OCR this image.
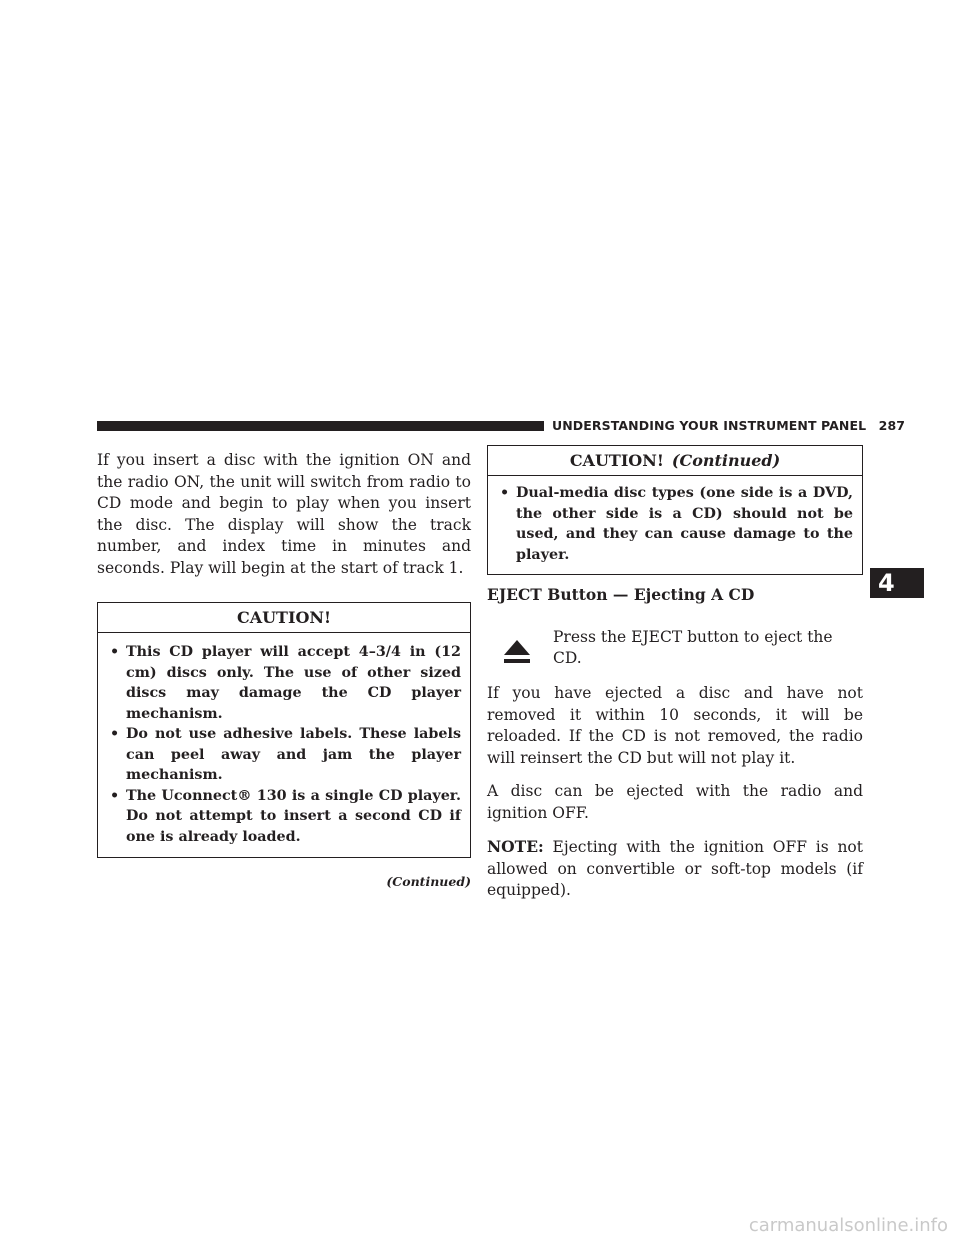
UNDERSTANDING YOUR INSTRUMENT PANEL 287

If you insert a disc with the ignition ON and the radio ON, the unit will switch from radio to CD mode and begin to play when you insert the disc. The display will show the track number, and index time in minutes and seconds. Play will begin at the start of track 1.

CAUTION!
• This CD player will accept 4–3/4 in (12 cm) discs only. The use of other sized discs may damage the CD player mechanism.
• Do not use adhesive labels. These labels can peel away and jam the player mechanism.
• The Uconnect® 130 is a single CD player. Do not attempt to insert a second CD if one is already loaded.
(Continued)
CAUTION! (Continued)
• Dual-media disc types (one side is a DVD, the other side is a CD) should not be used, and they can cause damage to the player.
EJECT Button — Ejecting A CD
Press the EJECT button to eject the CD.

If you have ejected a disc and have not removed it within 10 seconds, it will be reloaded. If the CD is not removed, the radio will reinsert the CD but will not play it.

A disc can be ejected with the radio and ignition OFF.

NOTE: Ejecting with the ignition OFF is not allowed on convertible or soft-top models (if equipped).

4
carmanualsonline.info
